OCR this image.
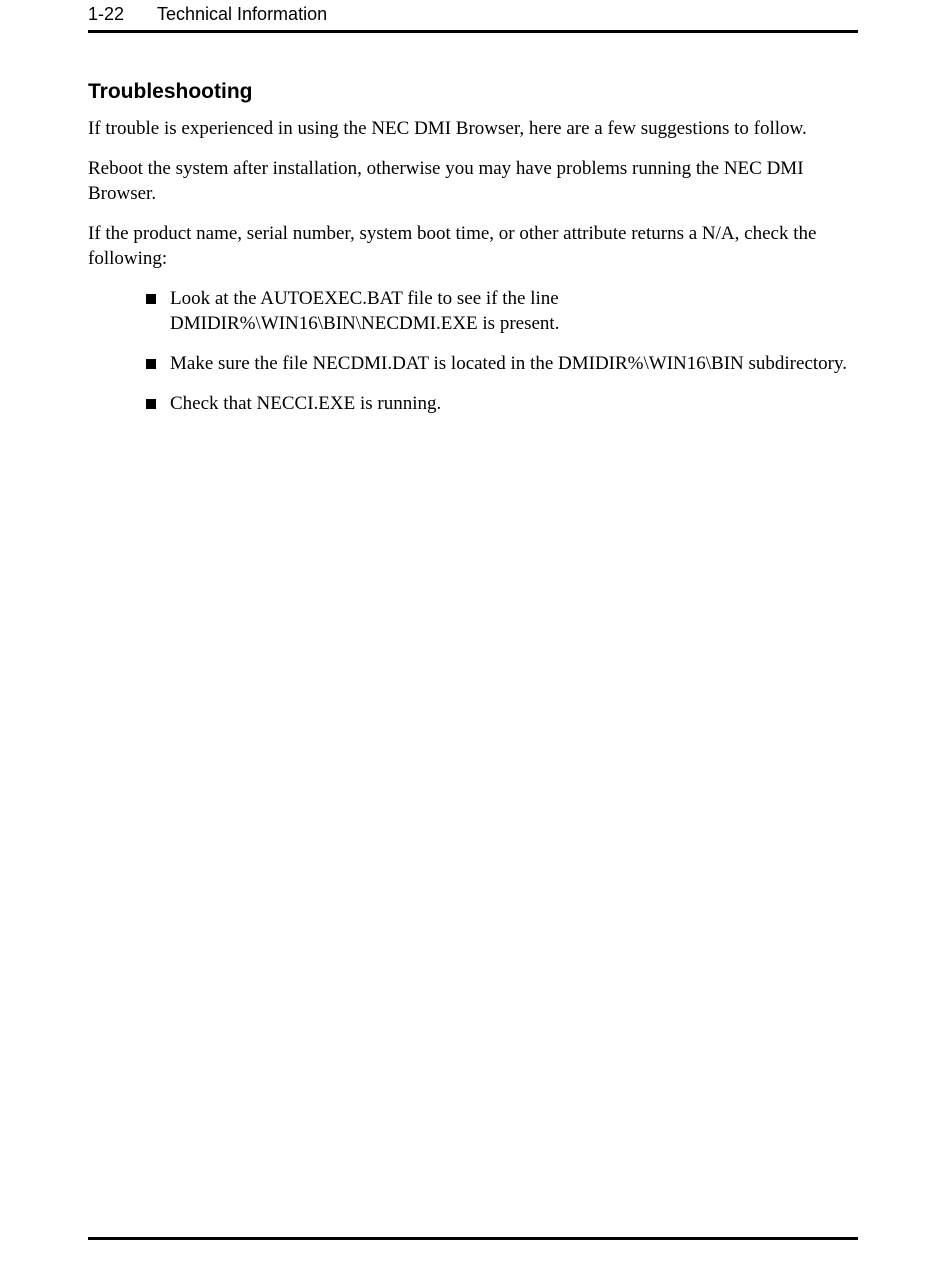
1-22 Technical Information
Troubleshooting

If trouble is experienced in using the NEC DMI Browser, here are a few suggestions to follow.

Reboot the system after installation, otherwise you may have problems running the NEC DMI Browser.

If the product name, serial number, system boot time, or other attribute returns a N/A, check the following:

Look at the AUTOEXEC.BAT file to see if the line DMIDIR%\WIN16\BIN\NECDMI.EXE is present.
Make sure the file NECDMI.DAT is located in the DMIDIR%\WIN16\BIN subdirectory.
Check that NECCI.EXE is running.
